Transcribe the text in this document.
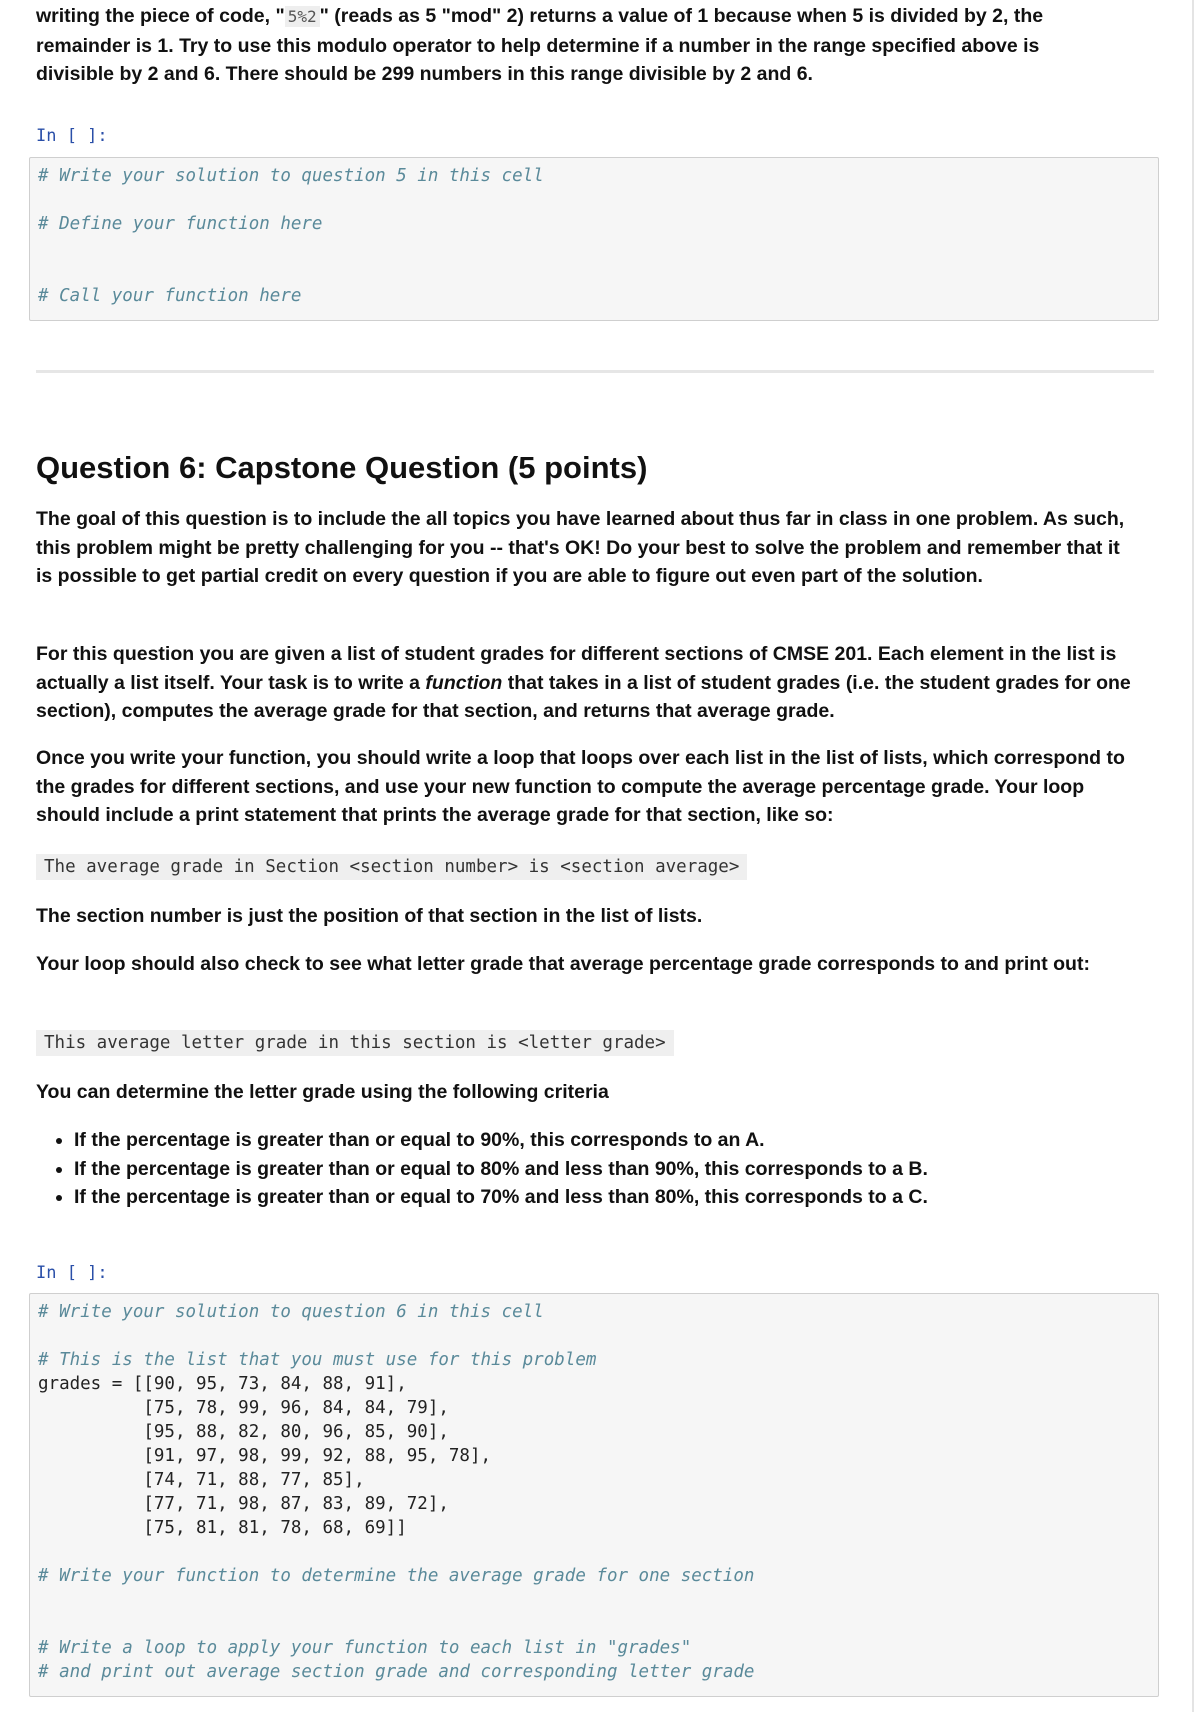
writing the piece of code, " 5%2 " (reads as 5 "mod" 2) returns a value of 1 because when 5 is divided by 2, the

remainder is 1. Try to use this modulo operator to help determine if a number in the range specified above is

divisible by 2 and 6. There should be 299 numbers in this range divisible by 2 and 6.

In [ ]:
# Write your solution to question 5 in this cell

# Define your function here

# Call your function here
Question 6: Capstone Question (5 points)

The goal of this question is to include the all topics you have learned about thus far in class in one problem. As such, this problem might be pretty challenging for you -- that's OK! Do your best to solve the problem and remember that it is possible to get partial credit on every question if you are able to figure out even part of the solution.

For this question you are given a list of student grades for different sections of CMSE 201. Each element in the list is actually a list itself. Your task is to write a function that takes in a list of student grades (i.e. the student grades for one section), computes the average grade for that section, and returns that average grade.

Once you write your function, you should write a loop that loops over each list in the list of lists, which correspond to the grades for different sections, and use your new function to compute the average percentage grade. Your loop should include a print statement that prints the average grade for that section, like so:

The average grade in Section <section number> is <section average>

The section number is just the position of that section in the list of lists.

Your loop should also check to see what letter grade that average percentage grade corresponds to and print out:

This average letter grade in this section is <letter grade>

You can determine the letter grade using the following criteria

• If the percentage is greater than or equal to 90%, this corresponds to an A.
• If the percentage is greater than or equal to 80% and less than 90%, this corresponds to a B.
• If the percentage is greater than or equal to 70% and less than 80%, this corresponds to a C.
In [ ]:
# Write your solution to question 6 in this cell

# This is the list that you must use for this problem
grades = [[90, 95, 73, 84, 88, 91],
[75, 78, 99, 96, 84, 84, 79],
[95, 88, 82, 80, 96, 85, 90],
[91, 97, 98, 99, 92, 88, 95, 78],
[74, 71, 88, 77, 85],
[77, 71, 98, 87, 83, 89, 72],
[75, 81, 81, 78, 68, 69]]

# Write your function to determine the average grade for one section

# Write a loop to apply your function to each list in "grades"
# and print out average section grade and corresponding letter grade
